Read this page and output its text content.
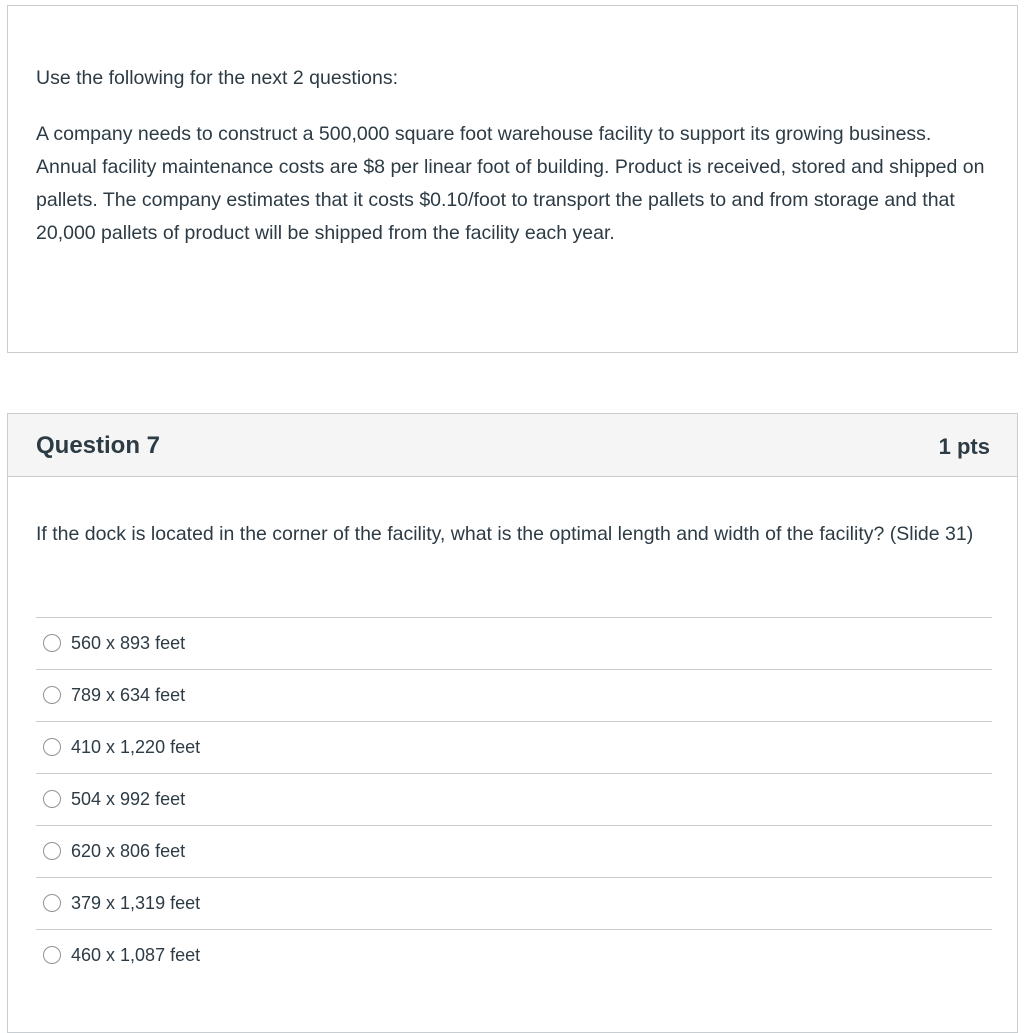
Use the following for the next 2 questions:
A company needs to construct a 500,000 square foot warehouse facility to support its growing business. Annual facility maintenance costs are $8 per linear foot of building. Product is received, stored and shipped on pallets. The company estimates that it costs $0.10/foot to transport the pallets to and from storage and that 20,000 pallets of product will be shipped from the facility each year.
Question 7	1 pts
If the dock is located in the corner of the facility, what is the optimal length and width of the facility? (Slide 31)
560 x 893 feet
789 x 634 feet
410 x 1,220 feet
504 x 992 feet
620 x 806 feet
379 x 1,319 feet
460 x 1,087 feet
